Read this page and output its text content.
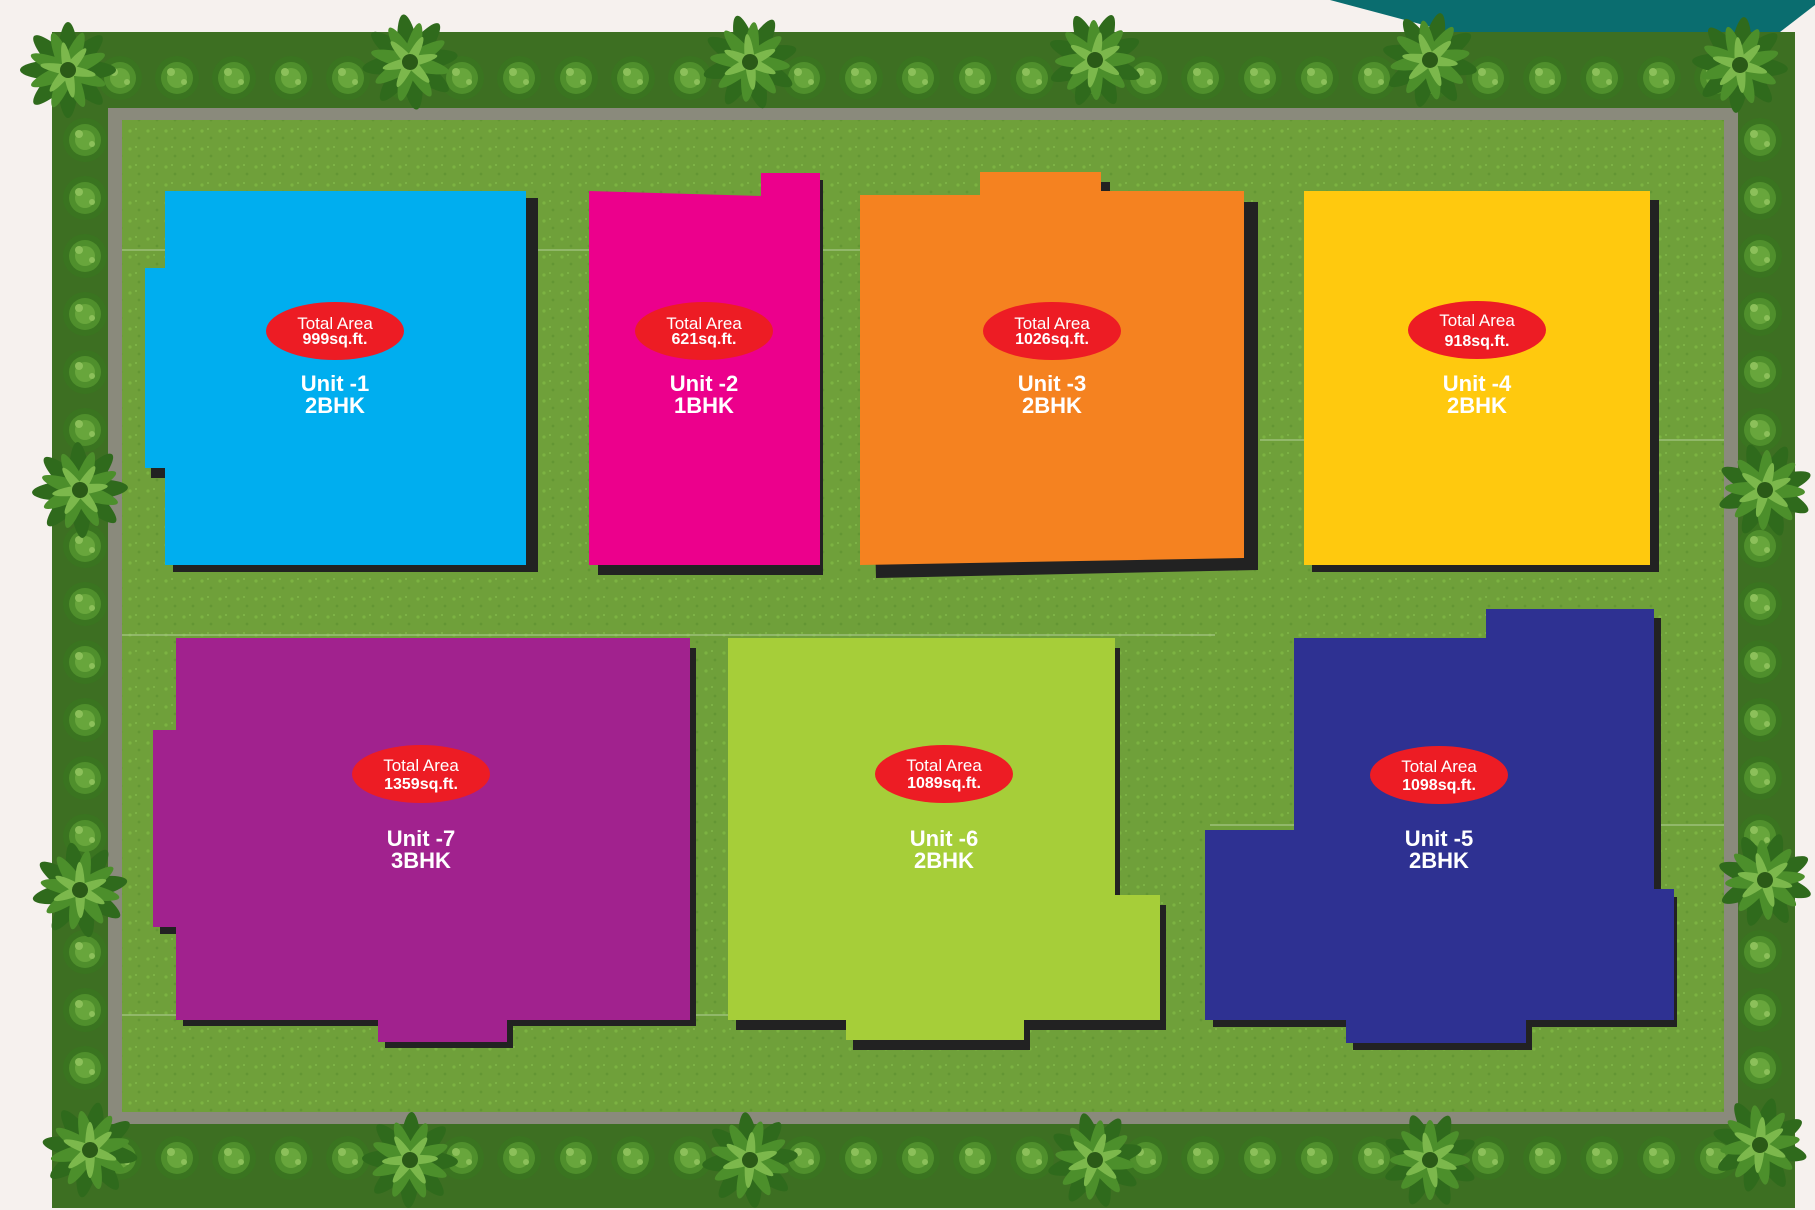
Total Area
999sq.ft.
Unit -1
2BHK
Total Area
621sq.ft.
Unit -2
1BHK
Total Area
1026sq.ft.
Unit -3
2BHK
Total Area
918sq.ft.
Unit -4
2BHK
Total Area
1359sq.ft.
Unit -7
3BHK
Total Area
1089sq.ft.
Unit -6
2BHK
Total Area
1098sq.ft.
Unit -5
2BHK
